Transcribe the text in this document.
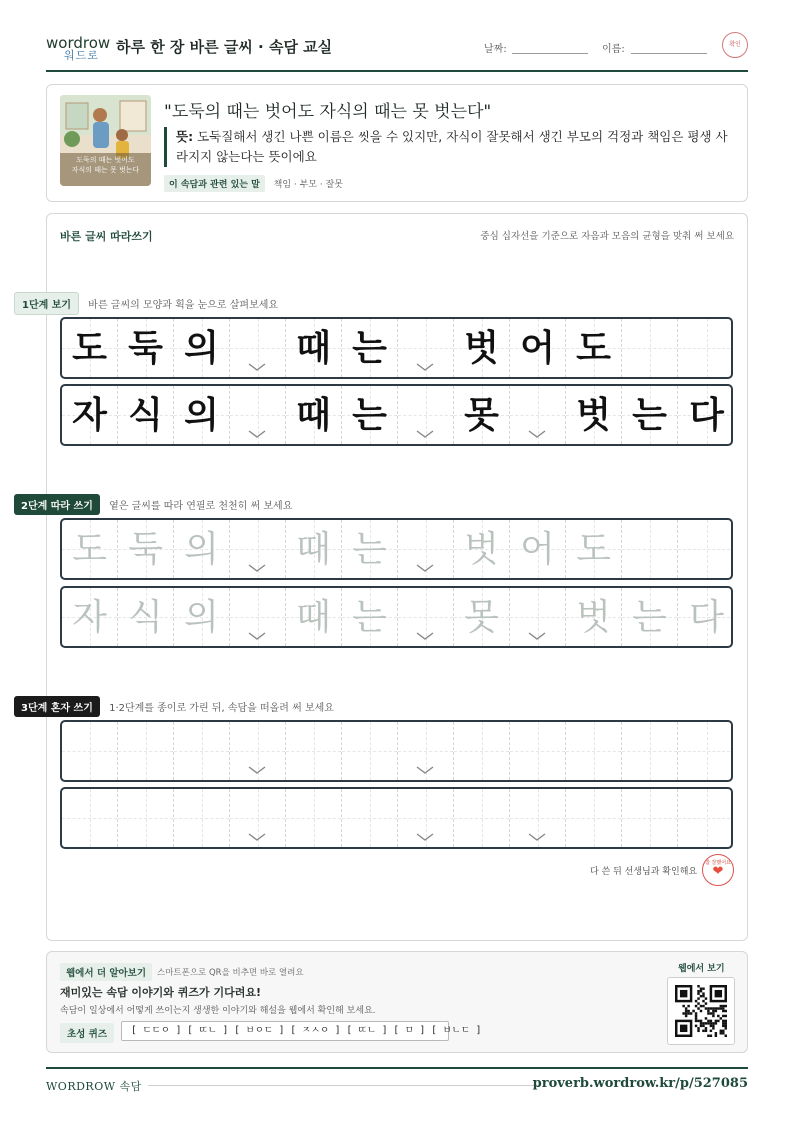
wordrow
워드로 하루 한 장 바른 글씨 · 속담 교실	날짜:	이름:	확인
도둑의 때는 벗어도
자식의 때는 못 벗는다
"도둑의 때는 벗어도 자식의 때는 못 벗는다"
뜻: 도둑질해서 생긴 나쁜 이름은 씻을 수 있지만, 자식이 잘못해서 생긴 부모의 걱정과 책임은 평생 사라지지 않는다는 뜻이에요
이 속담과 관련 있는 말 책임 · 부모 · 잘못
바른 글씨 따라쓰기	중심 십자선을 기준으로 자음과 모음의 균형을 맞춰 써 보세요
1단계 보기 바른 글씨의 모양과 획을 눈으로 살펴보세요
도 둑 의 때 는 벗 어 도
자 식 의 때 는 못 벗 는 다
2단계 따라 쓰기 옅은 글씨를 따라 연필로 천천히 써 보세요
도 둑 의 때 는 벗 어 도
자 식 의 때 는 못 벗 는 다
3단계 혼자 쓰기 1·2단계를 종이로 가린 뒤, 속담을 떠올려 써 보세요
다 쓴 뒤 선생님과 확인해요
참 잘했어요
❤
웹에서 더 알아보기	스마트폰으로 QR을 비추면 바로 열려요
재미있는 속담 이야기와 퀴즈가 기다려요!
속담이 일상에서 어떻게 쓰이는지 생생한 이야기와 해설을 웹에서 확인해 보세요.
초성 퀴즈	[ ㄷㄷㅇ ] [ ㄸㄴ ] [ ㅂㅇㄷ ] [ ㅈㅅㅇ ] [ ㄸㄴ ] [ ㅁ ] [ ㅂㄴㄷ ]
웹에서 보기
WORDROW 속담	proverb.wordrow.kr/p/527085
